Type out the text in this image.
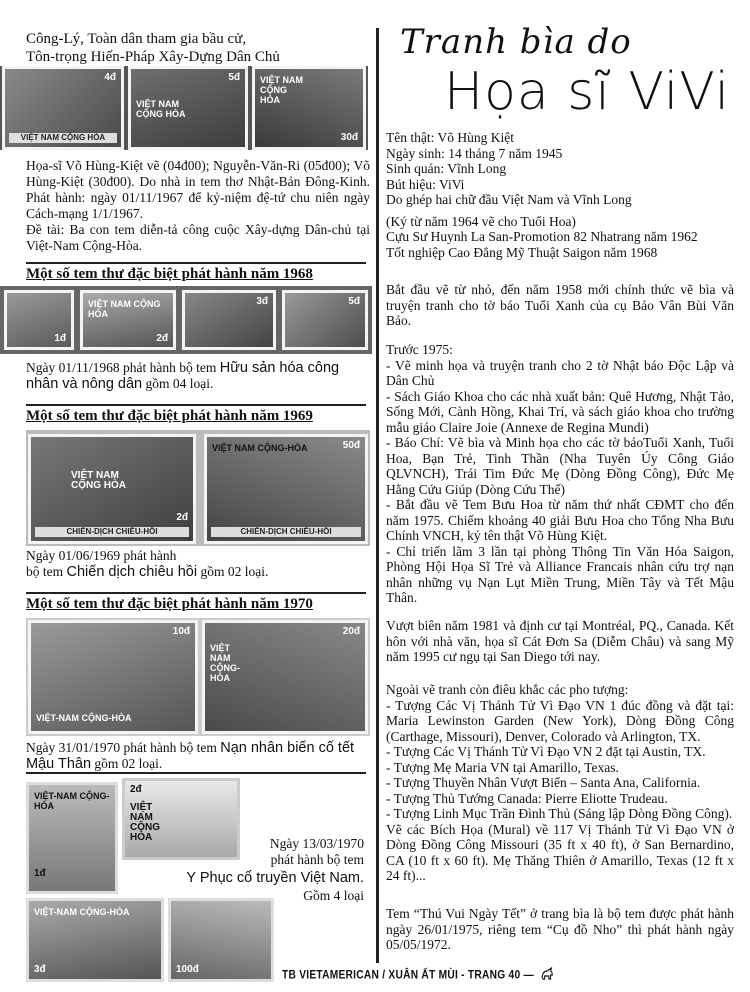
Công-Lý, Toàn dân tham gia bầu cử,
Tôn-trọng Hiến-Pháp Xây-Dựng Dân Chủ
4đ
VIỆT NAM CỘNG HÒA
5đ
VIỆT NAM CỘNG HÒA
30đ
VIỆT NAM CỘNG HÒA
Họa-sĩ Võ Hùng-Kiệt vẽ (04đ00); Nguyễn-Văn-Ri (05đ00); Võ Hùng-Kiệt (30đ00). Do nhà in tem thơ Nhật-Bản Đông-Kinh. Phát hành: ngày 01/11/1967 để kỷ-niệm đệ-tứ chu niên ngày Cách-mạng 1/1/1967.
Đề tài: Ba con tem diễn-tả công cuộc Xây-dựng Dân-chủ tại Việt-Nam Cộng-Hòa.
Một số tem thư đặc biệt phát hành năm 1968
1đ
VIỆT NAM CỘNG HÒA
2đ
3đ	5đ
Ngày 01/11/1968 phát hành bộ tem Hữu sản hóa công nhân và nông dân gồm 04 loại.
Một số tem thư đặc biệt phát hành năm 1969
VIỆT NAM CỘNG HÒA
2đ
CHIẾN-DỊCH CHIÊU-HỒI
VIỆT NAM CỘNG-HÒA	50đ
CHIẾN-DỊCH CHIÊU-HỒI
Ngày 01/06/1969 phát hành
bộ tem Chiến dịch chiêu hồi gồm 02 loại.
Một số tem thư đặc biệt phát hành năm 1970
10đ
VIỆT-NAM CỘNG-HÒA
20đ
VIỆT NAM CỘNG-HÒA
Ngày 31/01/1970 phát hành bộ tem Nạn nhân biến cố tết Mậu Thân gồm 02 loại.
VIỆT-NAM CỘNG-HÒA
1đ
2đ
VIỆT NAM CỘNG HÒA
VIỆT-NAM CỘNG-HÒA
3đ	100đ
Ngày 13/03/1970
phát hành bộ tem
Y Phục cổ truyền Việt Nam.
Gồm 4 loại
Tranh bìa do
Họa sĩ ViVi
Tên thật: Võ Hùng Kiệt
Ngày sinh: 14 tháng 7 năm 1945
Sinh quán: Vĩnh Long
Bút hiệu: ViVi
Do ghép hai chữ đầu Việt Nam và Vĩnh Long
(Ký từ năm 1964 vẽ cho Tuổi Hoa)
Cựu Sư Huynh La San-Promotion 82 Nhatrang năm 1962
Tốt nghiệp Cao Đẳng Mỹ Thuật Saigon năm 1968
Bắt đầu vẽ từ nhỏ, đến năm 1958 mới chính thức vẽ bìa và truyện tranh cho tờ báo Tuổi Xanh của cụ Bảo Vân Bùi Văn Bảo.

Trước 1975:

- Vẽ minh họa và truyện tranh cho 2 tờ Nhật báo Độc Lập và Dân Chủ

- Sách Giáo Khoa cho các nhà xuất bản: Quê Hương, Nhật Tảo, Sống Mới, Cành Hồng, Khai Trí, và sách giáo khoa cho trường mẫu giáo Claire Joie (Annexe de Regina Mundi)

- Báo Chí: Vẽ bìa và Minh họa cho các tờ báoTuổi Xanh, Tuổi Hoa, Bạn Trẻ, Tinh Thần (Nha Tuyên Úy Công Giáo QLVNCH), Trái Tim Đức Mẹ (Dòng Đồng Công), Đức Mẹ Hằng Cứu Giúp (Dòng Cứu Thế)

- Bắt đầu vẽ Tem Bưu Hoa từ năm thứ nhất CĐMT cho đến năm 1975. Chiếm khoảng 40 giải Bưu Hoa cho Tổng Nha Bưu Chính VNCH, ký tên thật Võ Hùng Kiệt.

- Chỉ triển lãm 3 lần tại phòng Thông Tin Văn Hóa Saigon, Phòng Hội Họa Sĩ Trẻ và Alliance Francais nhân cứu trợ nạn nhân những vụ Nạn Lụt Miền Trung, Miền Tây và Tết Mậu Thân.

Vượt biên năm 1981 và định cư tại Montréal, PQ., Canada. Kết hôn với nhà văn, họa sĩ Cát Đơn Sa (Diễm Châu) và sang Mỹ năm 1995 cư ngụ tại San Diego tới nay.

Ngoài vẽ tranh còn điêu khắc các pho tượng:

- Tượng Các Vị Thánh Tử Vì Đạo VN 1 đúc đồng và đặt tại: Maria Lewinston Garden (New York), Dòng Đồng Công (Carthage, Missouri), Denver, Colorado và Arlington, TX.

- Tượng Các Vị Thánh Tử Vì Đạo VN 2 đặt tại Austin, TX.

- Tượng Mẹ Maria VN tại Amarillo, Texas.

- Tượng Thuyền Nhân Vượt Biển – Santa Ana, California.

- Tượng Thủ Tướng Canada: Pierre Eliotte Trudeau.

- Tượng Linh Mục Trần Đình Thủ (Sáng lập Dòng Đồng Công).

Vẽ các Bích Họa (Mural) về 117 Vị Thánh Tử Vì Đạo VN ở Dòng Đồng Công Missouri (35 ft x 40 ft), ở San Bernardino, CA (10 ft x 60 ft). Mẹ Thăng Thiên ở Amarillo, Texas (12 ft x 24 ft)...

Tem “Thú Vui Ngày Tết” ở trang bìa là bộ tem được phát hành ngày 26/01/1975, riêng tem “Cụ đồ Nho” thì phát hành ngày 05/05/1972.
TB VIETAMERICAN / XUÂN ẤT MÙI - TRANG 40 —
